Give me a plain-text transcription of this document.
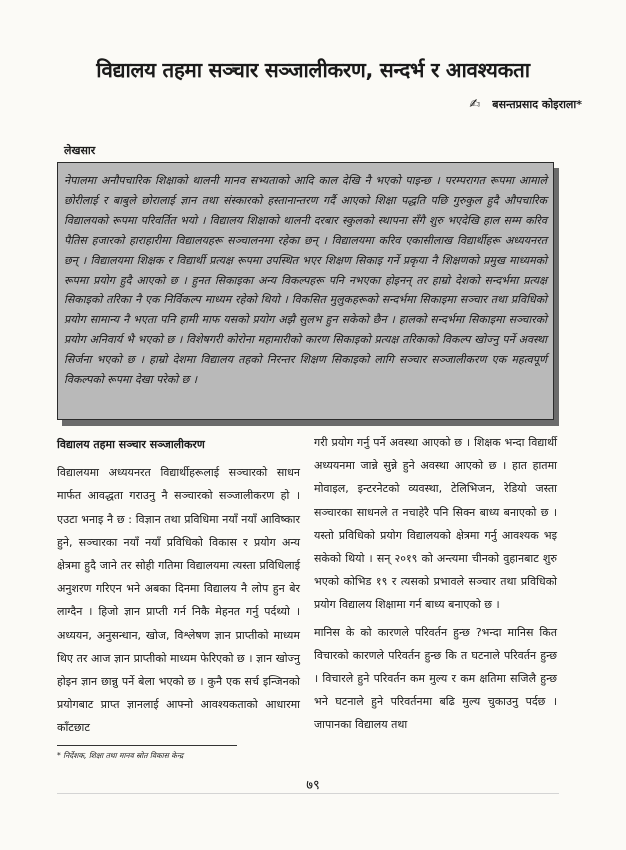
विद्यालय तहमा सञ्चार सञ्जालीकरण, सन्दर्भ र आवश्यकता
✍ बसन्तप्रसाद कोइराला*
लेखसार
नेपालमा अनौपचारिक शिक्षाको थालनी मानव सभ्यताको आदि काल देखि नै भएको पाइन्छ । परम्परागत रूपमा आमाले छोरीलाई र बाबुले छोरालाई ज्ञान तथा संस्कारको हस्तानान्तरण गर्दै आएको शिक्षा पद्धति पछि गुरुकुल हुदै औपचारिक विद्यालयको रूपमा परिवर्तित भयो । विद्यालय शिक्षाको थालनी दरबार स्कुलको स्थापना सँगै शुरु भएदेखि हाल सम्म करिव पैतिस हजारको हाराहारीमा विद्यालयहरू सञ्चालनमा रहेका छन् । विद्यालयमा करिव एकासीलाख विद्यार्थीहरू अध्ययनरत छन् । विद्यालयमा शिक्षक र विद्यार्थी प्रत्यक्ष रूपमा उपस्थित भएर शिक्षण सिकाइ गर्ने प्रकृया नै शिक्षणको प्रमुख माध्यमको रूपमा प्रयोग हुदै आएको छ । हुनत सिकाइका अन्य विकल्पहरू पनि नभएका होइनन् तर हाम्रो देशको सन्दर्भमा प्रत्यक्ष सिकाइको तरिका नै एक निर्विकल्प माध्यम रहेको थियो । विकसित मुलुकहरूको सन्दर्भमा सिकाइमा सञ्चार तथा प्रविधिको प्रयोग सामान्य नै भएता पनि हामी माफ यसको प्रयोग अझै सुलभ हुन सकेको छैन । हालको सन्दर्भमा सिकाइमा सञ्चारको प्रयोग अनिवार्य भै भएको छ । विशेषगरी कोरोना महामारीको कारण सिकाइको प्रत्यक्ष तरिकाको विकल्प खोज्नु पर्ने अवस्था सिर्जना भएको छ । हाम्रो देशमा विद्यालय तहको निरन्तर शिक्षण सिकाइको लागि सञ्चार सञ्जालीकरण एक महत्वपूर्ण विकल्पको रूपमा देखा परेको छ ।

विद्यालय तहमा सञ्चार सञ्जालीकरण

विद्यालयमा अध्ययनरत विद्यार्थीहरूलाई सञ्चारको साधन मार्फत आवद्धता गराउनु नै सञ्चारको सञ्जालीकरण हो । एउटा भनाइ नै छ : विज्ञान तथा प्रविधिमा नयाँ नयाँ आविष्कार हुने, सञ्चारका नयाँ नयाँ प्रविधिको विकास र प्रयोग अन्य क्षेत्रमा हुदै जाने तर सोही गतिमा विद्यालयमा त्यस्ता प्रविधिलाई अनुशरण गरिएन भने अबका दिनमा विद्यालय नै लोप हुन बेर लाग्दैन । हिजो ज्ञान प्राप्ती गर्न निकै मेहनत गर्नु पर्दथ्यो । अध्ययन, अनुसन्धान, खोज, विश्लेषण ज्ञान प्राप्तीको माध्यम थिए तर आज ज्ञान प्राप्तीको माध्यम फेरिएको छ । ज्ञान खोज्नु होइन ज्ञान छान्नु पर्ने बेला भएको छ । कुनै एक सर्च इन्जिनको प्रयोगबाट प्राप्त ज्ञानलाई आफ्नो आवश्यकताको आधारमा काँटछाट

गरी प्रयोग गर्नु पर्ने अवस्था आएको छ । शिक्षक भन्दा विद्यार्थी अध्ययनमा जान्ने सुन्ने हुने अवस्था आएको छ । हात हातमा मोवाइल, इन्टरनेटको व्यवस्था, टेलिभिजन, रेडियो जस्ता सञ्चारका साधनले त नचाहेरै पनि सिक्न बाध्य बनाएको छ । यस्तो प्रविधिको प्रयोग विद्यालयको क्षेत्रमा गर्नु आवश्यक भइ सकेको थियो । सन् २०१९ को अन्त्यमा चीनको वुहानबाट शुरु भएको कोभिड १९ र त्यसको प्रभावले सञ्चार तथा प्रविधिको प्रयोग विद्यालय शिक्षामा गर्न बाध्य बनाएको छ ।

मानिस के को कारणले परिवर्तन हुन्छ ?भन्दा मानिस कित विचारको कारणले परिवर्तन हुन्छ कि त घटनाले परिवर्तन हुन्छ । विचारले हुने परिवर्तन कम मुल्य र कम क्षतिमा सजिलै हुन्छ भने घटनाले हुने परिवर्तनमा बढि मुल्य चुकाउनु पर्दछ । जापानका विद्यालय तथा

* निर्देशक, शिक्षा तथा मानव स्रोत विकास केन्द्र
७९
